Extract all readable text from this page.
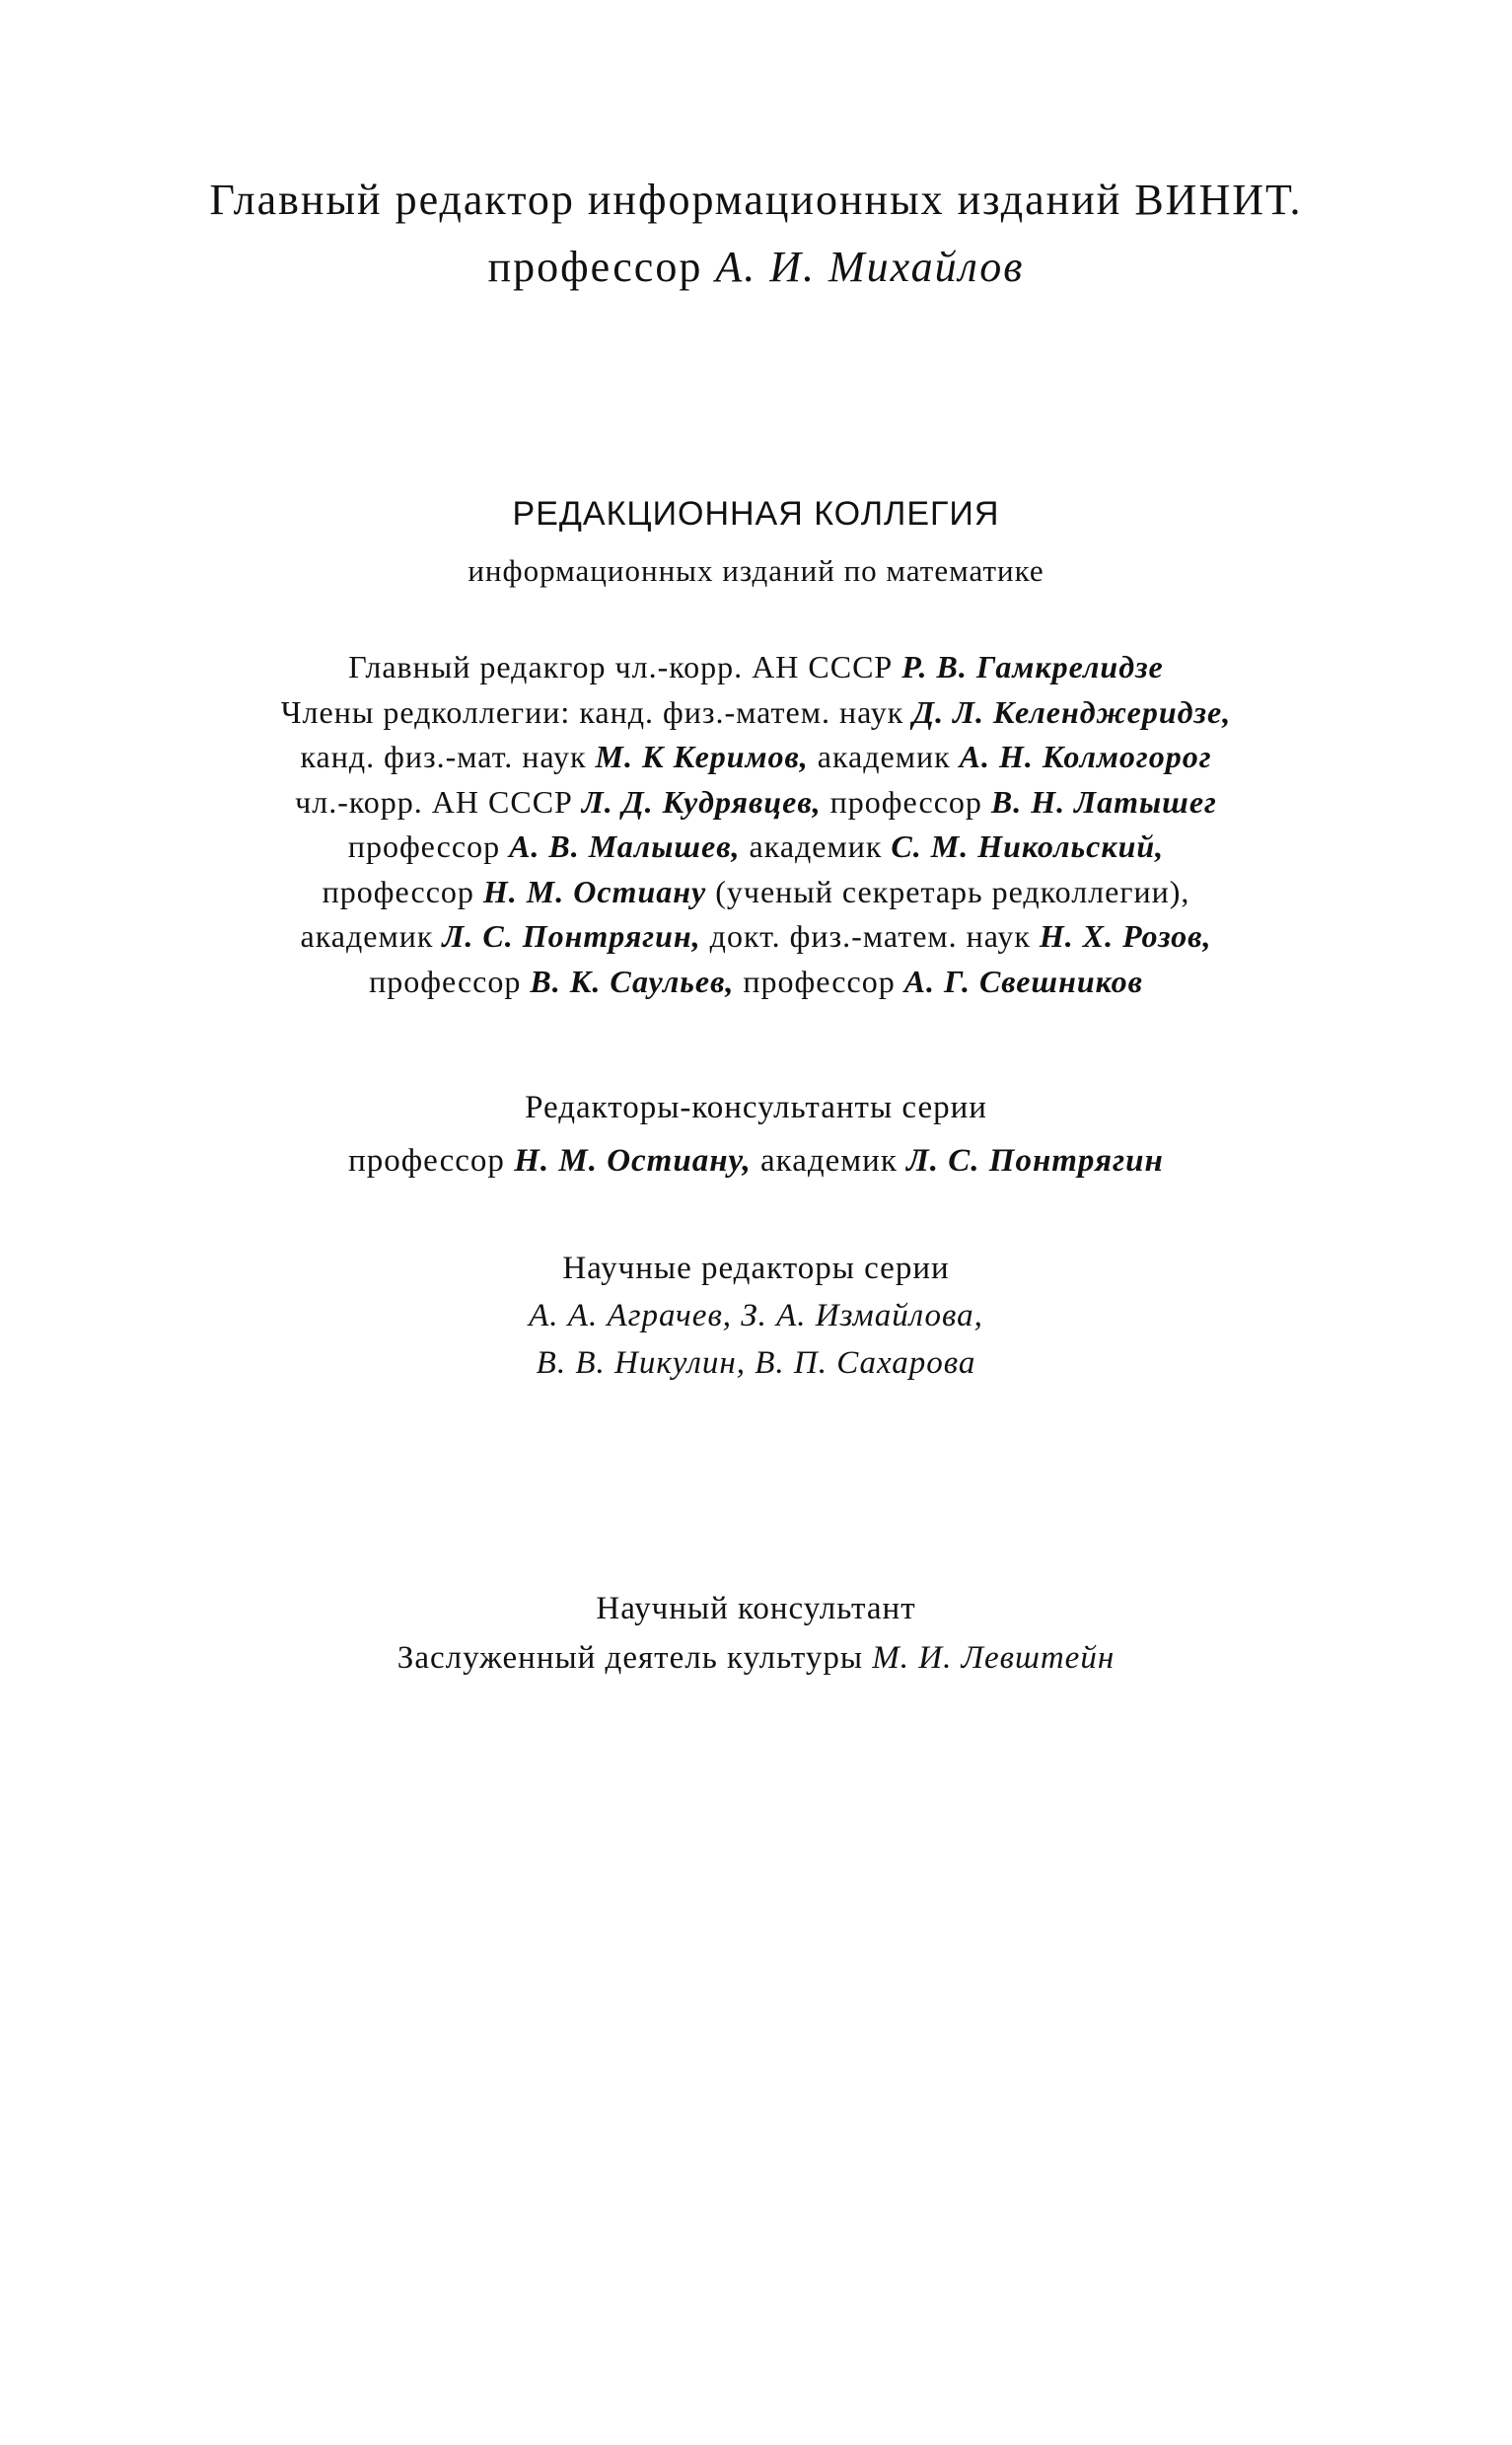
Главный редактор информационных изданий ВИНИТ.
профессор А. И. Михайлов
РЕДАКЦИОННАЯ КОЛЛЕГИЯ
информационных изданий по математике
Главный редакгор чл.-корр. АН СССР Р. В. Гамкрелидзе
Члены редколлегии: канд. физ.-матем. наук Д. Л. Келенджеридзе,
канд. физ.-мат. наук М. К Керимов, академик А. Н. Колмогорог
чл.-корр. АН СССР Л. Д. Кудрявцев, профессор В. Н. Латышег
профессор А. В. Малышев, академик С. М. Никольский,
профессор Н. М. Остиану (ученый секретарь редколлегии),
академик Л. С. Понтрягин, докт. физ.-матем. наук Н. Х. Розов,
профессор В. К. Саульев, профессор А. Г. Свешников
Редакторы-консультанты серии
профессор Н. М. Остиану, академик Л. С. Понтрягин
Научные редакторы серии
А. А. Аграчев, З. А. Измайлова,
В. В. Никулин, В. П. Сахарова
Научный консультант
Заслуженный деятель культуры М. И. Левштейн
